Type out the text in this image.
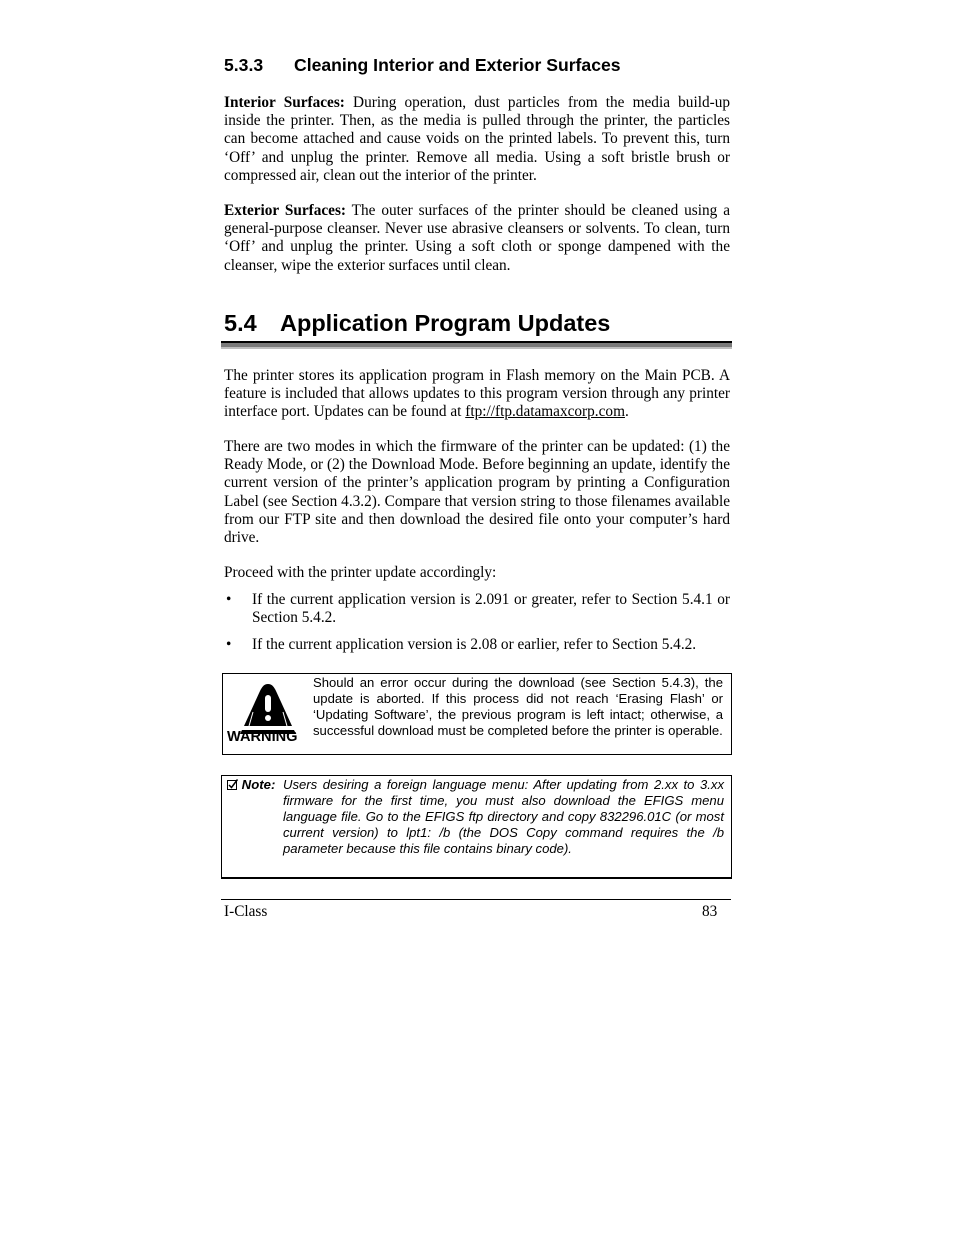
5.3.3 Cleaning Interior and Exterior Surfaces

Interior Surfaces: During operation, dust particles from the media build-up inside the printer. Then, as the media is pulled through the printer, the particles can become attached and cause voids on the printed labels. To prevent this, turn ‘Off’ and unplug the printer. Remove all media. Using a soft bristle brush or compressed air, clean out the interior of the printer.

Exterior Surfaces: The outer surfaces of the printer should be cleaned using a general-purpose cleanser. Never use abrasive cleansers or solvents. To clean, turn ‘Off’ and unplug the printer. Using a soft cloth or sponge dampened with the cleanser, wipe the exterior surfaces until clean.

5.4 Application Program Updates

The printer stores its application program in Flash memory on the Main PCB. A feature is included that allows updates to this program version through any printer interface port. Updates can be found at ftp://ftp.datamaxcorp.com.

There are two modes in which the firmware of the printer can be updated: (1) the Ready Mode, or (2) the Download Mode. Before beginning an update, identify the current version of the printer’s application program by printing a Configuration Label (see Section 4.3.2). Compare that version string to those filenames available from our FTP site and then download the desired file onto your computer’s hard drive.

Proceed with the printer update accordingly:

• If the current application version is 2.091 or greater, refer to Section 5.4.1 or Section 5.4.2.
• If the current application version is 2.08 or earlier, refer to Section 5.4.2.
WARNING
Should an error occur during the download (see Section 5.4.3), the update is aborted. If this process did not reach ‘Erasing Flash’ or ‘Updating Software’, the previous program is left intact; otherwise, a successful download must be completed before the printer is operable.
Note: Users desiring a foreign language menu: After updating from 2.xx to 3.xx firmware for the first time, you must also download the EFIGS menu language file. Go to the EFIGS ftp directory and copy 832296.01C (or most current version) to lpt1: /b (the DOS Copy command requires the /b parameter because this file contains binary code).
I-Class	83
